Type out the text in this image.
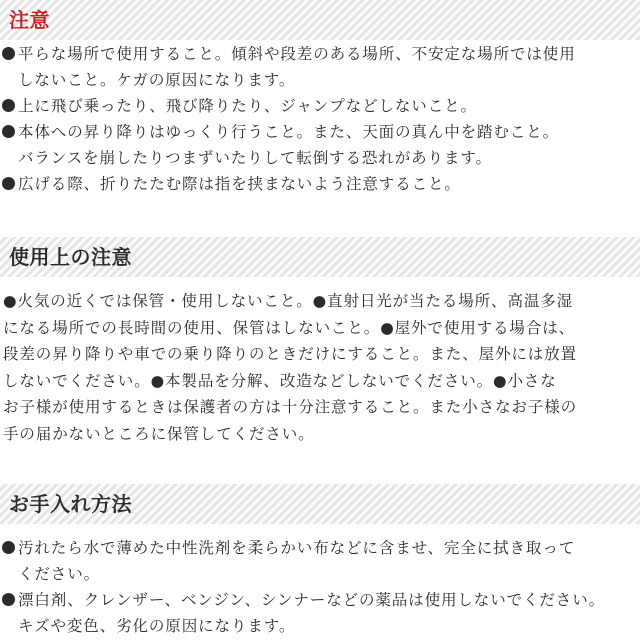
注意
平らな場所で使用すること。傾斜や段差のある場所、不安定な場所では使用
しないこと。ケガの原因になります。
上に飛び乗ったり、飛び降りたり、ジャンプなどしないこと。
本体への昇り降りはゆっくり行うこと。また、天面の真ん中を踏むこと。
バランスを崩したりつまずいたりして転倒する恐れがあります。
広げる際、折りたたむ際は指を挟まないよう注意すること。
使用上の注意
●火気の近くでは保管・使用しないこと。●直射日光が当たる場所、高温多湿
になる場所での長時間の使用、保管はしないこと。●屋外で使用する場合は、
段差の昇り降りや車での乗り降りのときだけにすること。また、屋外には放置
しないでください。●本製品を分解、改造などしないでください。●小さな
お子様が使用するときは保護者の方は十分注意すること。また小さなお子様の
手の届かないところに保管してください。
お手入れ方法
汚れたら水で薄めた中性洗剤を柔らかい布などに含ませ、完全に拭き取って
ください。
漂白剤、クレンザー、ベンジン、シンナーなどの薬品は使用しないでください。
キズや変色、劣化の原因になります。
